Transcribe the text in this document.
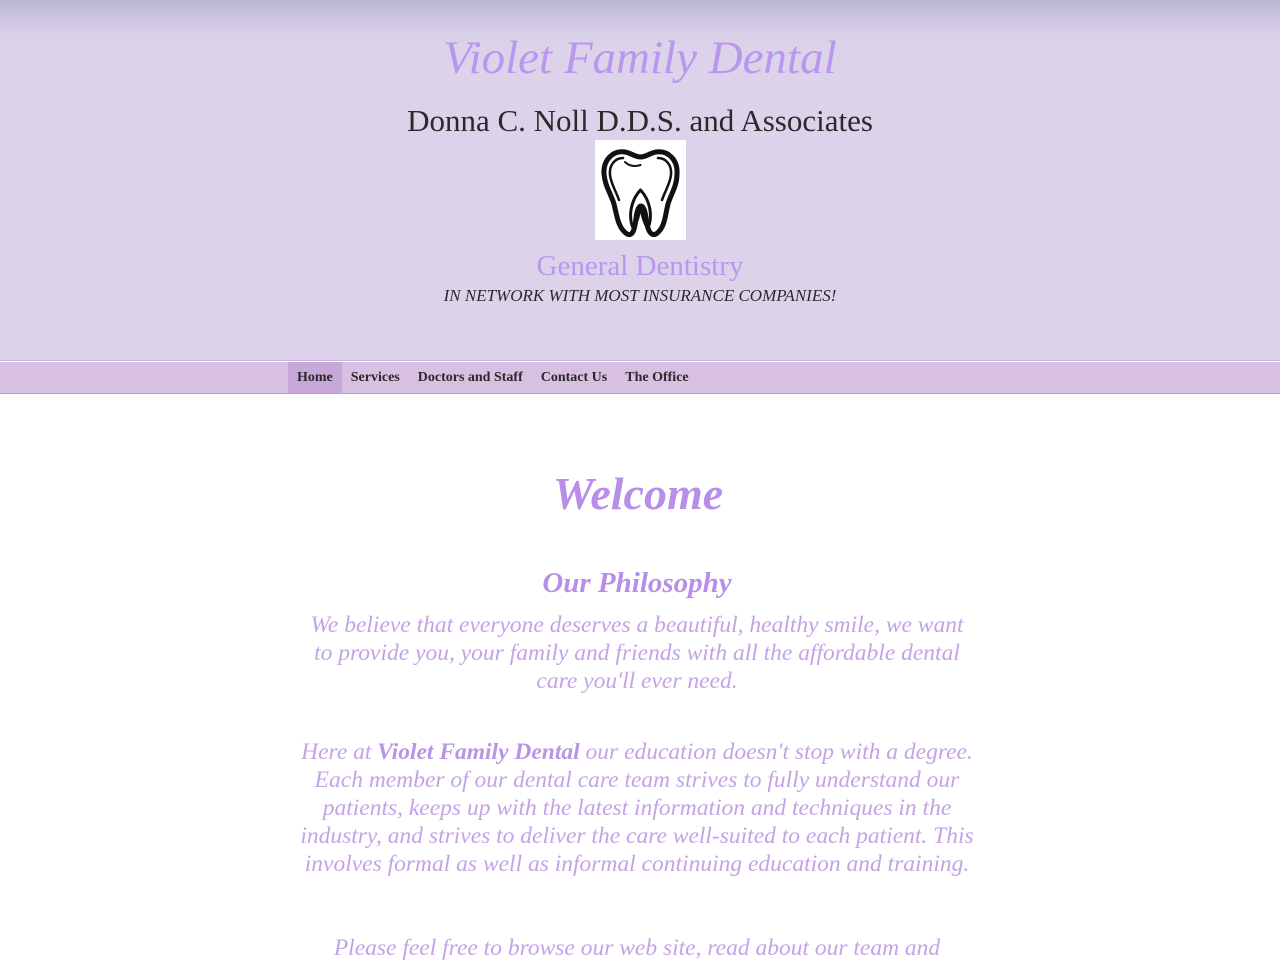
Violet Family Dental
Donna C. Noll D.D.S. and Associates
General Dentistry
IN NETWORK WITH MOST INSURANCE COMPANIES!
Home	Services	Doctors and Staff	Contact Us	The Office
Welcome
Our Philosophy

We believe that everyone deserves a beautiful, healthy smile, we want to provide you, your family and friends with all the affordable dental care you'll ever need.

Here at Violet Family Dental our education doesn't stop with a degree. Each member of our dental care team strives to fully understand our patients, keeps up with the latest information and techniques in the industry, and strives to deliver the care well-suited to each patient. This involves formal as well as informal continuing education and training.

Please feel free to browse our web site, read about our team and
